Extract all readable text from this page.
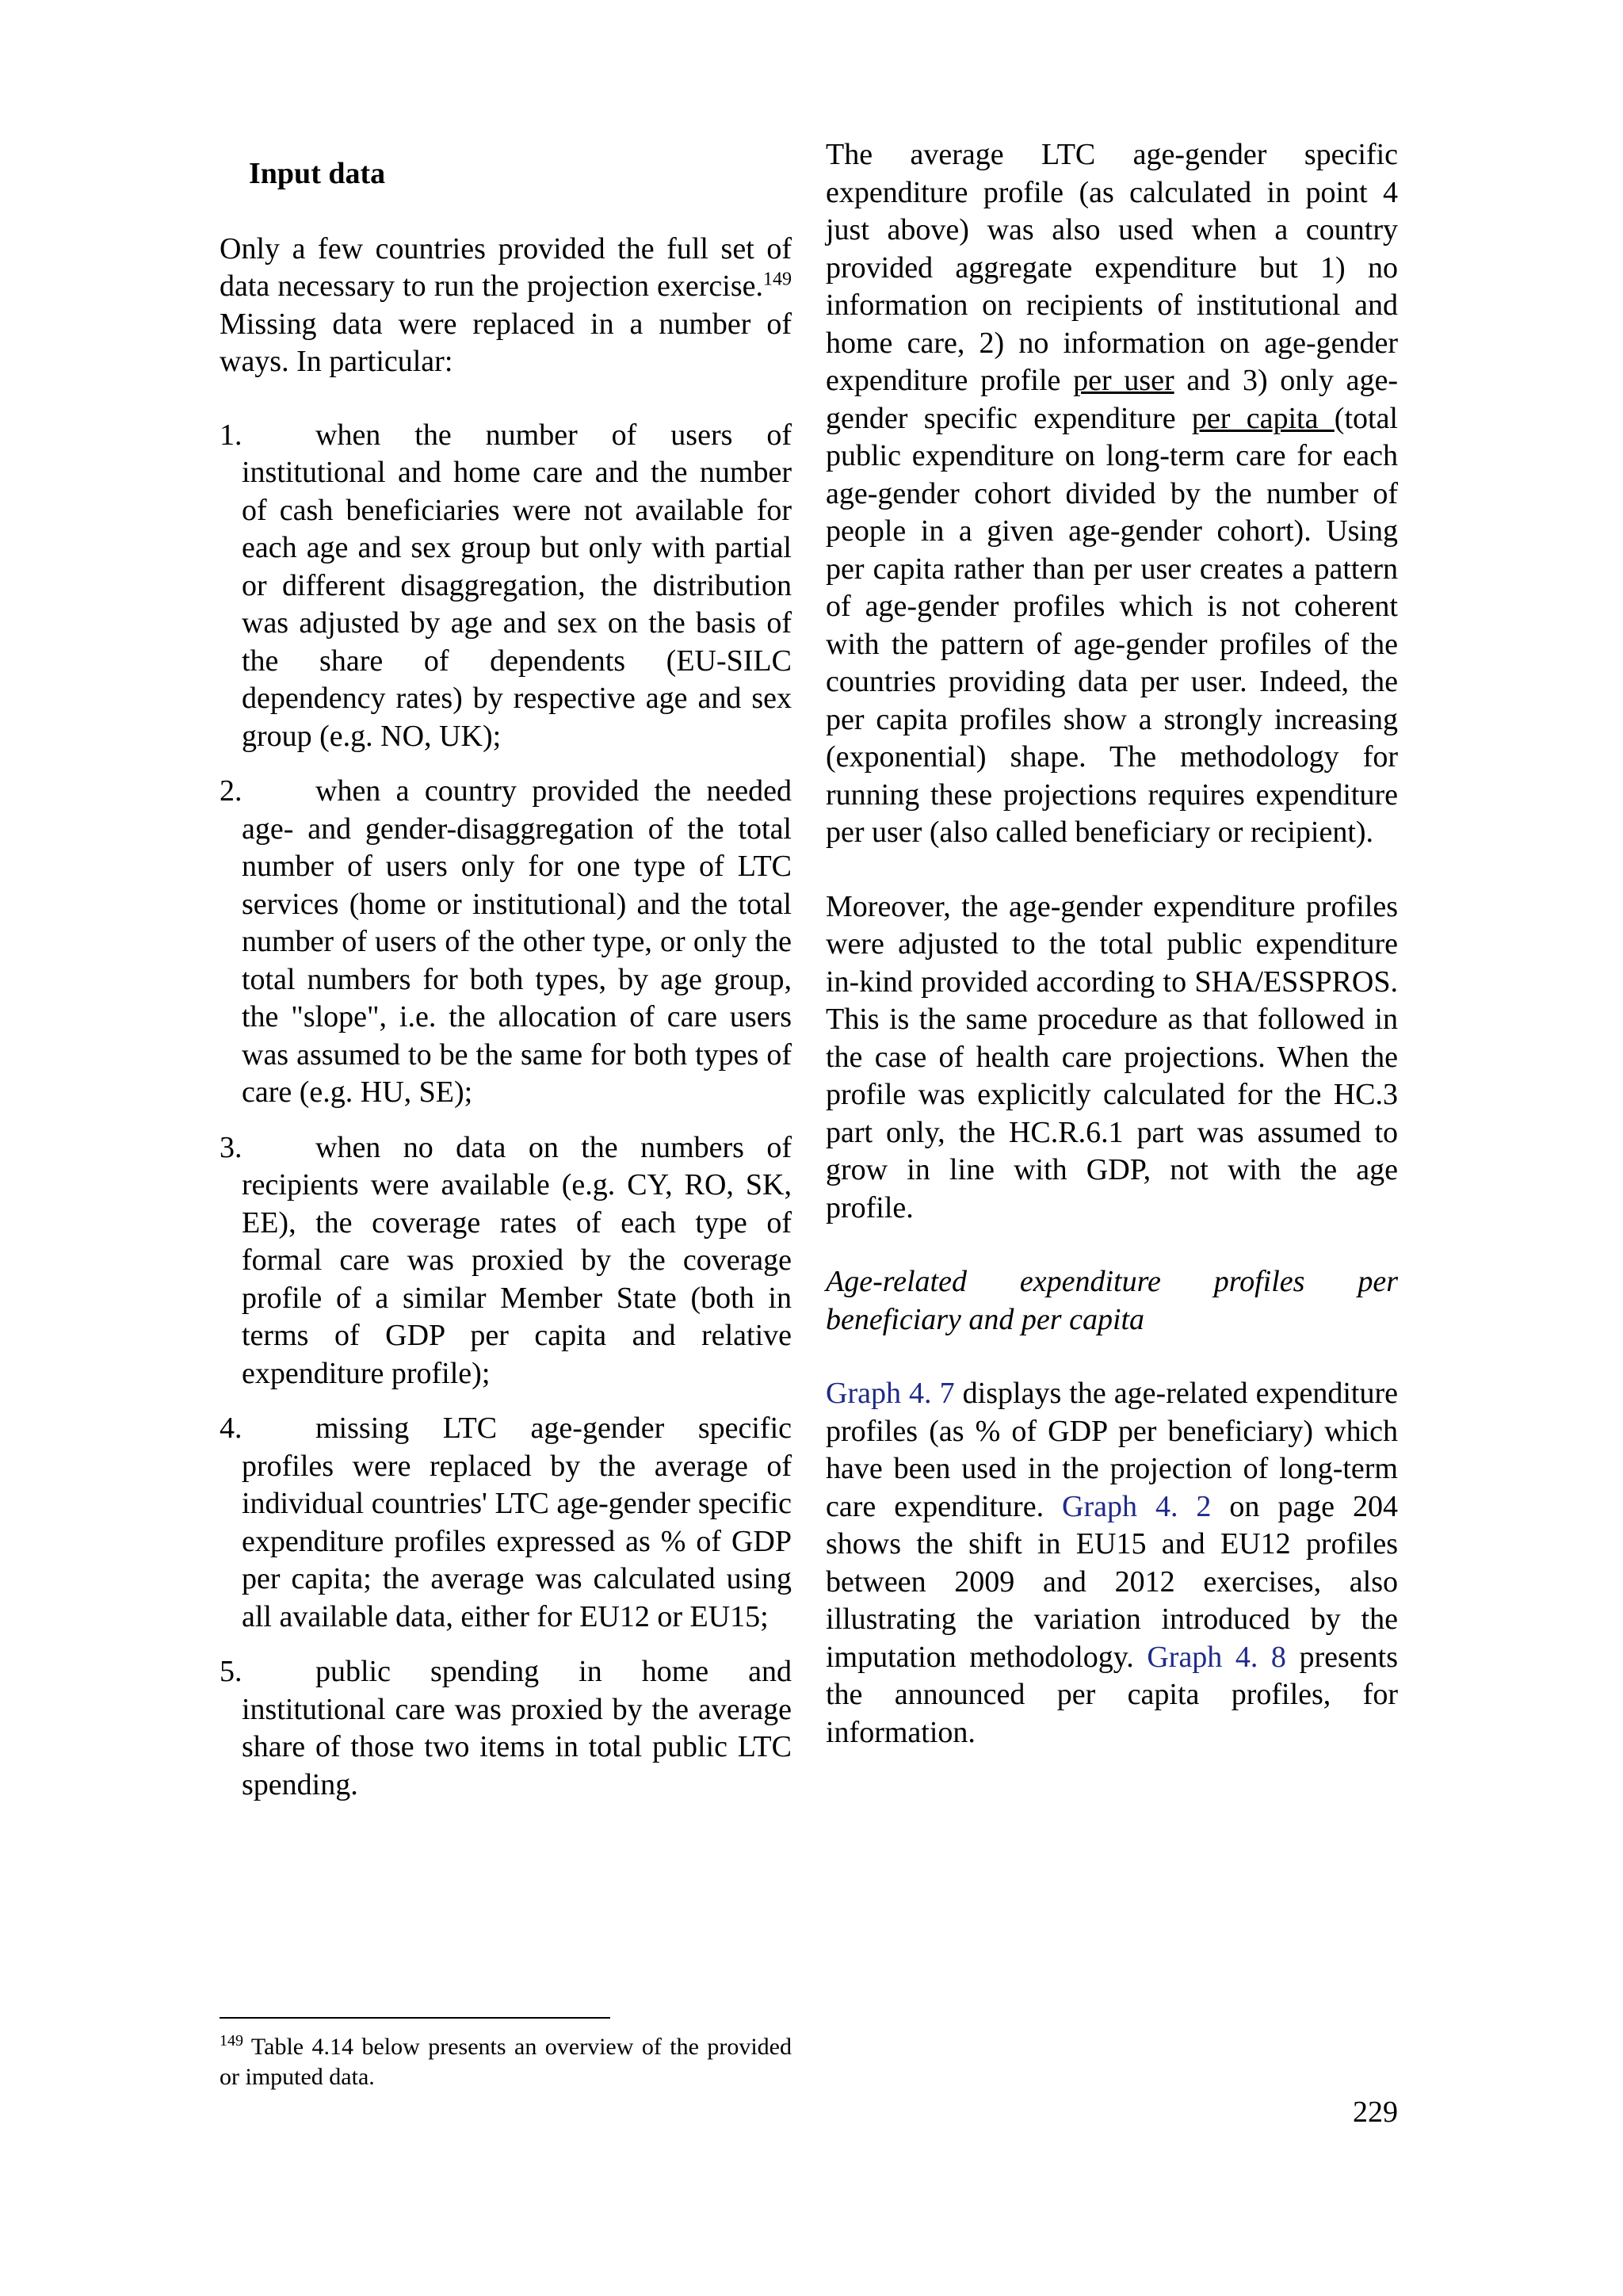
Input data

Only a few countries provided the full set of data necessary to run the projection exercise.$^{149}$ Missing data were replaced in a number of ways. In particular:

1. when the number of users of institutional and home care and the number of cash beneficiaries were not available for each age and sex group but only with partial or different disaggregation, the distribution was adjusted by age and sex on the basis of the share of dependents (EU-SILC dependency rates) by respective age and sex group (e.g. NO, UK);
2. when a country provided the needed age- and gender-disaggregation of the total number of users only for one type of LTC services (home or institutional) and the total number of users of the other type, or only the total numbers for both types, by age group, the "slope", i.e. the allocation of care users was assumed to be the same for both types of care (e.g. HU, SE);
3. when no data on the numbers of recipients were available (e.g. CY, RO, SK, EE), the coverage rates of each type of formal care was proxied by the coverage profile of a similar Member State (both in terms of GDP per capita and relative expenditure profile);
4. missing LTC age-gender specific profiles were replaced by the average of individual countries' LTC age-gender specific expenditure profiles expressed as % of GDP per capita; the average was calculated using all available data, either for EU12 or EU15;
5. public spending in home and institutional care was proxied by the average share of those two items in total public LTC spending.

The average LTC age-gender specific expenditure profile (as calculated in point 4 just above) was also used when a country provided aggregate expenditure but 1) no information on recipients of institutional and home care, 2) no information on age-gender expenditure profile per user and 3) only age-gender specific expenditure per capita (total public expenditure on long-term care for each age-gender cohort divided by the number of people in a given age-gender cohort). Using per capita rather than per user creates a pattern of age-gender profiles which is not coherent with the pattern of age-gender profiles of the countries providing data per user. Indeed, the per capita profiles show a strongly increasing (exponential) shape. The methodology for running these projections requires expenditure per user (also called beneficiary or recipient).

Moreover, the age-gender expenditure profiles were adjusted to the total public expenditure in-kind provided according to SHA/ESSPROS. This is the same procedure as that followed in the case of health care projections. When the profile was explicitly calculated for the HC.3 part only, the HC.R.6.1 part was assumed to grow in line with GDP, not with the age profile.

Age-related expenditure profiles per beneficiary and per capita

Graph 4. 7 displays the age-related expenditure profiles (as % of GDP per beneficiary) which have been used in the projection of long-term care expenditure. Graph 4. 2 on page 204 shows the shift in EU15 and EU12 profiles between 2009 and 2012 exercises, also illustrating the variation introduced by the imputation methodology. Graph 4. 8 presents the announced per capita profiles, for information.

$^{149}$ Table 4.14 below presents an overview of the provided or imputed data.

229
